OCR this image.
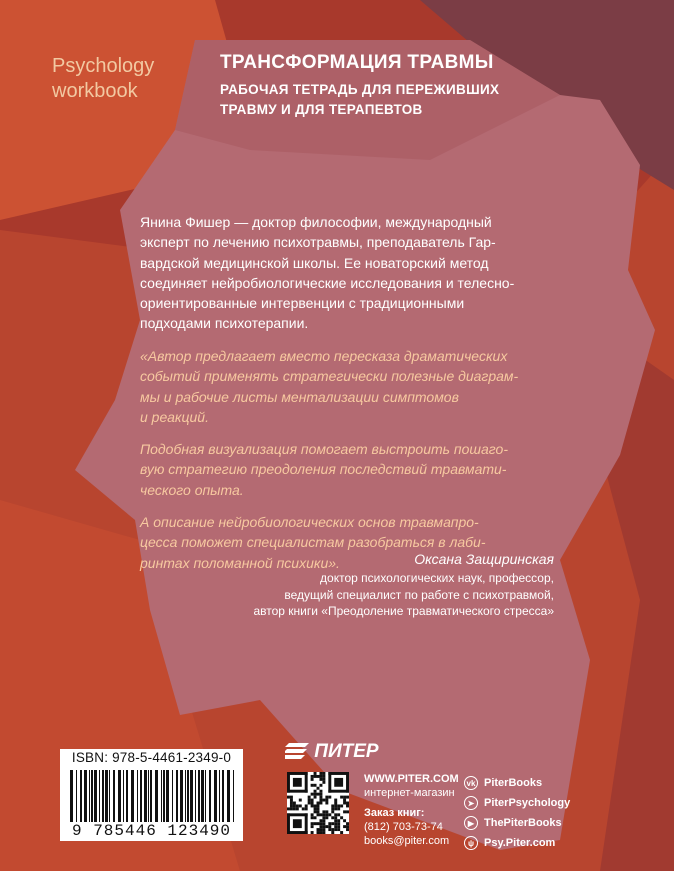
Psychology
workbook
ТРАНСФОРМАЦИЯ ТРАВМЫ
РАБОЧАЯ ТЕТРАДЬ ДЛЯ ПЕРЕЖИВШИХ
ТРАВМУ И ДЛЯ ТЕРАПЕВТОВ
Янина Фишер — доктор философии, международный
эксперт по лечению психотравмы, преподаватель Гар-
вардской медицинской школы. Ее новаторский метод
соединяет нейробиологические исследования и телесно-
ориентированные интервенции с традиционными
подходами психотерапии.

«Автор предлагает вместо пересказа драматических
событий применять стратегически полезные диаграм-
мы и рабочие листы ментализации симптомов
и реакций.

Подобная визуализация помогает выстроить пошаго-
вую стратегию преодоления последствий травмати-
ческого опыта.

А описание нейробиологических основ травмапро-
цесса поможет специалистам разобраться в лаби-
ринтах поломанной психики».	Оксана Защиринская
доктор психологических наук, профессор,
ведущий специалист по работе с психотравмой,
автор книги «Преодоление травматического стресса»
ISBN: 978-5-4461-2349-0
9 785446 123490
ПИТЕР
WWW.PITER.COM
интернет-магазин
Заказ книг:
(812) 703-73-74
books@piter.com
vk PiterBooks
➤ PiterPsychology
▶ ThePiterBooks
ψ Psy.Piter.com
